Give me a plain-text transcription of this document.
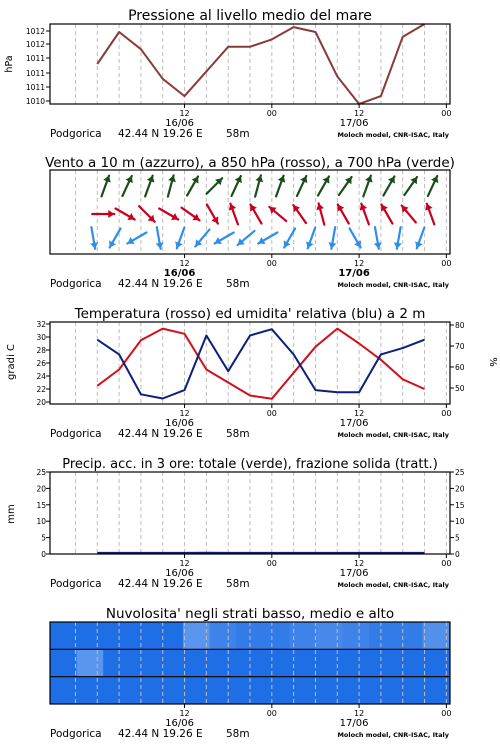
Pressione al livello medio del mare
1012
1012
1011
1011
1011
1010
hPa
12	00	12	00
16/06	17/06
Podgorica 42.44 N 19.26 E 58m	Moloch model, CNR-ISAC, Italy
Vento a 10 m (azzurro), a 850 hPa (rosso), a 700 hPa (verde)
12	00	12	00
16/06	17/06
Podgorica 42.44 N 19.26 E 58m	Moloch model, CNR-ISAC, Italy
Temperatura (rosso) ed umidita' relativa (blu) a 2 m
20
22
24
26
28
30
32
50
60
70
80
gradi C	%
12	00	12	00
16/06	17/06
Podgorica 42.44 N 19.26 E 58m	Moloch model, CNR-ISAC, Italy
Precip. acc. in 3 ore: totale (verde), frazione solida (tratt.)
0	0
5	5
10	10
15	15
20	20
25	25
mm
12	00	12	00
16/06	17/06
Podgorica 42.44 N 19.26 E 58m	Moloch model, CNR-ISAC, Italy
Nuvolosita' negli strati basso, medio e alto
12	00	12	00
16/06	17/06
Podgorica 42.44 N 19.26 E 58m	Moloch model, CNR-ISAC, Italy
